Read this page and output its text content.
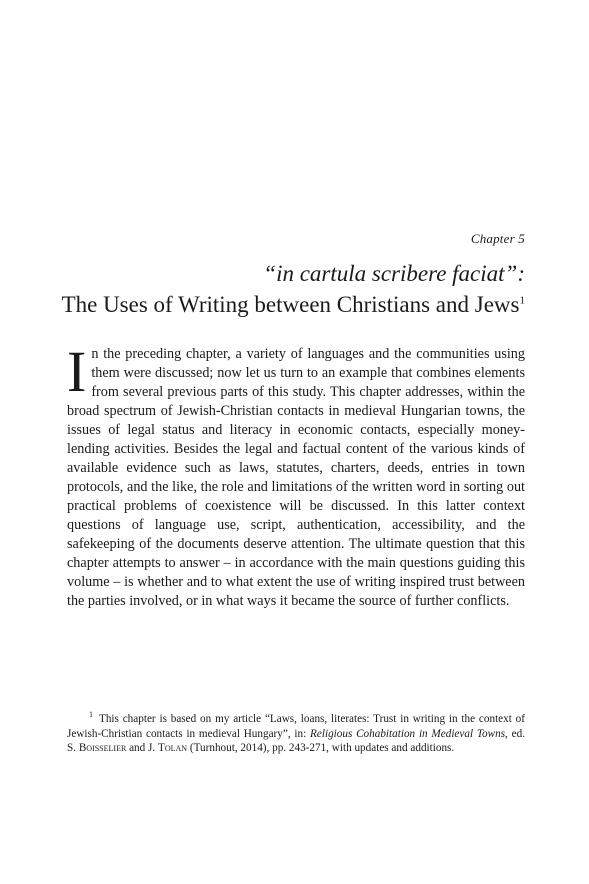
Chapter 5
“in cartula scribere faciat”:
The Uses of Writing between Christians and Jews$^1$
In the preceding chapter, a variety of languages and the communities using them were discussed; now let us turn to an example that combines elements from several previous parts of this study. This chapter addresses, within the broad spectrum of Jewish-Christian contacts in medieval Hungarian towns, the issues of legal status and literacy in economic contacts, especially money-lending activities. Besides the legal and factual content of the various kinds of available evidence such as laws, statutes, charters, deeds, entries in town protocols, and the like, the role and limitations of the written word in sorting out practical problems of coexistence will be discussed. In this latter context questions of language use, script, authentication, accessibility, and the safekeeping of the documents deserve attention. The ultimate question that this chapter attempts to answer – in accordance with the main questions guiding this volume – is whether and to what extent the use of writing inspired trust between the parties involved, or in what ways it became the source of further conflicts.
$^1$ This chapter is based on my article “Laws, loans, literates: Trust in writing in the context of Jewish-Christian contacts in medieval Hungary”, in: Religious Cohabitation in Medieval Towns, ed. S. Boisselier and J. Tolan (Turnhout, 2014), pp. 243-271, with updates and additions.
